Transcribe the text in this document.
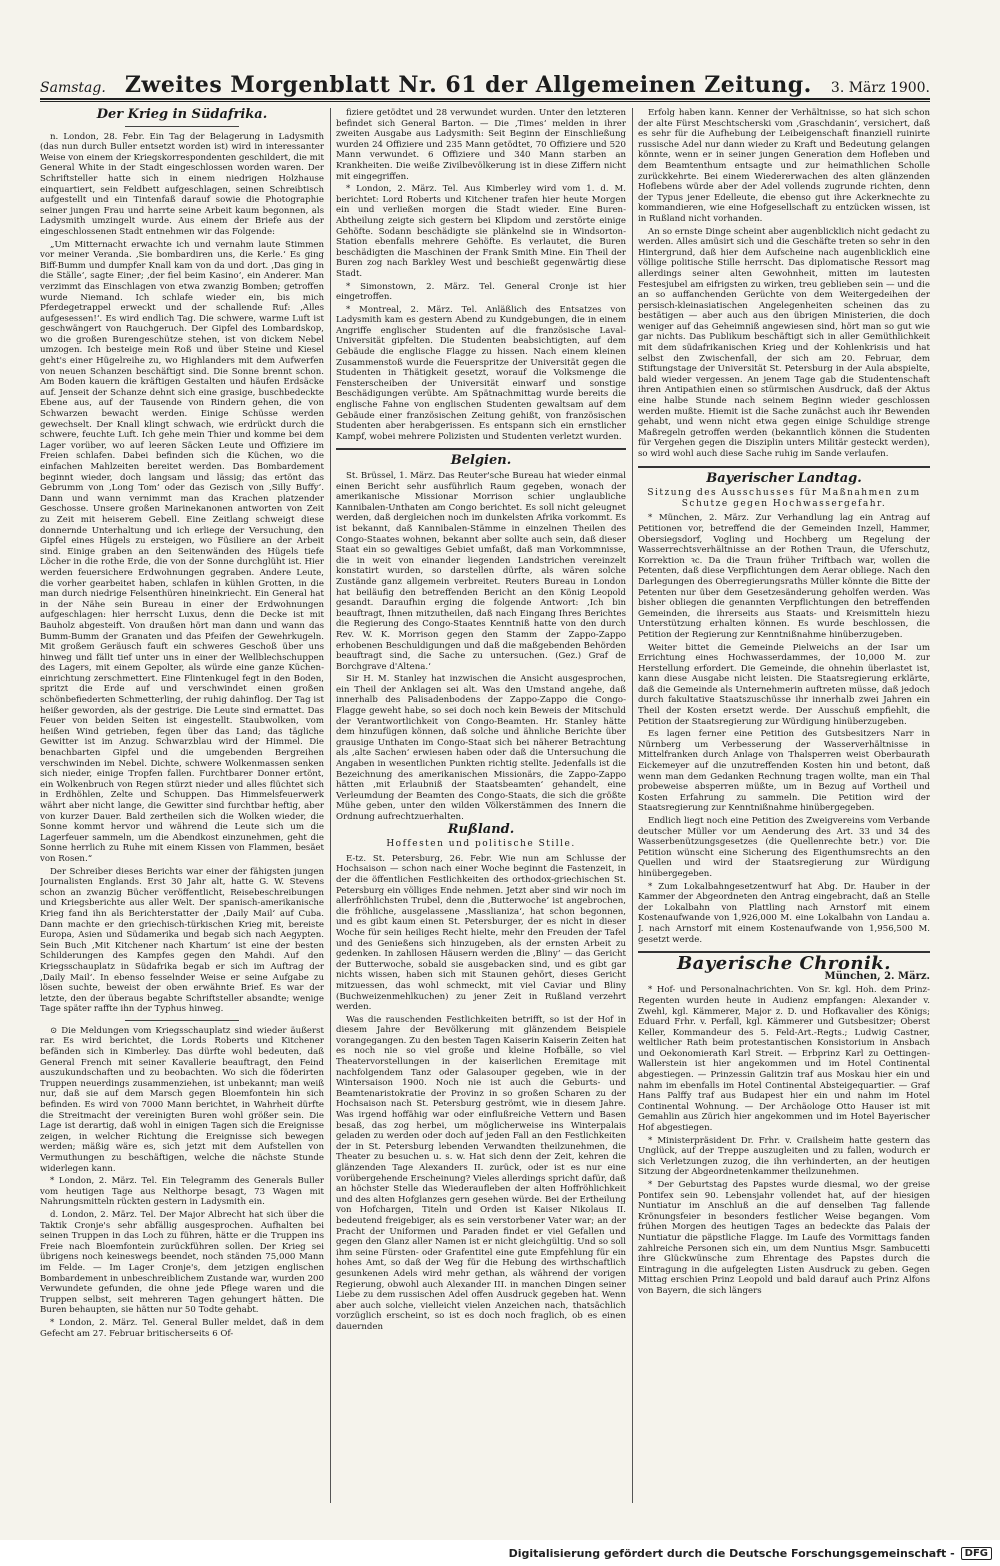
Samstag. Zweites Morgenblatt Nr. 61 der Allgemeinen Zeitung. 3. März 1900.
Der Krieg in Südafrika.

n. London, 28. Febr. Ein Tag der Belagerung in Ladysmith (das nun durch Buller entsetzt worden ist) wird in interessanter Weise von einem der Kriegskorrespondenten geschildert, die mit General White in der Stadt eingeschlossen worden waren. Der Schriftsteller hatte sich in einem niedrigen Holzhause einquartiert, sein Feldbett aufgeschlagen, seinen Schreibtisch aufgestellt und ein Tintenfaß darauf sowie die Photographie seiner jungen Frau und harrte seine Arbeit kaum begonnen, als Ladysmith umzingelt wurde. Aus einem der Briefe aus der eingeschlossenen Stadt entnehmen wir das Folgende:

„Um Mitternacht erwachte ich und vernahm laute Stimmen vor meiner Veranda. ‚Sie bombardiren uns, die Kerle.‘ Es ging Biff-Bumm und dumpfer Knall kam von da und dort. ‚Das ging in die Ställe‘, sagte Einer; ‚der fiel beim Kasino‘, ein Anderer. Man verzimmt das Einschlagen von etwa zwanzig Bomben; getroffen wurde Niemand. Ich schlafe wieder ein, bis mich Pferdegetrappel erweckt und der schallende Ruf: ‚Alles aufgesessen!‘. Es wird endlich Tag. Die schwere, warme Luft ist geschwängert von Rauchgeruch. Der Gipfel des Lombardskop, wo die großen Burengeschütze stehen, ist von dickem Nebel umzogen. Ich besteige mein Roß und über Steine und Kiesel geht's einer Hügelreihe zu, wo Highlanders mit dem Aufwerfen von neuen Schanzen beschäftigt sind. Die Sonne brennt schon. Am Boden kauern die kräftigen Gestalten und häufen Erdsäcke auf. Jenseit der Schanze dehnt sich eine grasige, buschbedeckte Ebene aus, auf der Tausende von Rindern gehen, die von Schwarzen bewacht werden. Einige Schüsse werden gewechselt. Der Knall klingt schwach, wie erdrückt durch die schwere, feuchte Luft. Ich gehe mein Thier und komme bei dem Lager vorüber, wo auf leeren Säcken Leute und Offiziere im Freien schlafen. Dabei befinden sich die Küchen, wo die einfachen Mahlzeiten bereitet werden. Das Bombardement beginnt wieder, doch langsam und lässig; das ertönt das Gebrumm von ‚Long Tom‘ oder das Gezisch von ‚Silly Buffy‘. Dann und wann vernimmt man das Krachen platzender Geschosse. Unsere großen Marinekanonen antworten von Zeit zu Zeit mit heiserem Gebell. Eine Zeitlang schweigt diese donnernde Unterhaltung und ich erliege der Versuchung, den Gipfel eines Hügels zu ersteigen, wo Füsiliere an der Arbeit sind. Einige graben an den Seitenwänden des Hügels tiefe Löcher in die rothe Erde, die von der Sonne durchglüht ist. Hier werden feuersichere Erdwohnungen gegraben. Andere Leute, die vorher gearbeitet haben, schlafen in kühlen Grotten, in die man durch niedrige Felsenthüren hineinkriecht. Ein General hat in der Nähe sein Bureau in einer der Erdwohnungen aufgeschlagen: hier herrscht Luxus, denn die Decke ist mit Bauholz abgesteift. Von draußen hört man dann und wann das Bumm-Bumm der Granaten und das Pfeifen der Gewehrkugeln. Mit großem Geräusch fauft ein schweres Geschoß über uns hinweg und fällt tief unter uns in einer der Wellblechschuppen des Lagers, mit einem Gepolter, als würde eine ganze Küchen-einrichtung zerschmettert. Eine Flintenkugel fegt in den Boden, spritzt die Erde auf und verschwindet einen großen schönbefiederten Schmetterling, der ruhig dahinflog. Der Tag ist heißer geworden, als der gestrige. Die Leute sind ermattet. Das Feuer von beiden Seiten ist eingestellt. Staubwolken, vom heißen Wind getrieben, fegen über das Land; das tägliche Gewitter ist im Anzug. Schwarzblau wird der Himmel. Die benachbarten Gipfel und die umgebenden Bergreihen verschwinden im Nebel. Dichte, schwere Wolkenmassen senken sich nieder, einige Tropfen fallen. Furchtbarer Donner ertönt, ein Wolkenbruch von Regen stürzt nieder und alles flüchtet sich in Erdhöhlen, Zelte und Schuppen. Das Himmelsfeuerwerk währt aber nicht lange, die Gewitter sind furchtbar heftig, aber von kurzer Dauer. Bald zertheilen sich die Wolken wieder, die Sonne kommt hervor und während die Leute sich um die Lagerfeuer sammeln, um die Abendkost einzunehmen, geht die Sonne herrlich zu Ruhe mit einem Kissen von Flammen, besäet von Rosen.“

Der Schreiber dieses Berichts war einer der fähigsten jungen Journalisten Englands. Erst 30 Jahr alt, hatte G. W. Stevens schon an zwanzig Bücher veröffentlicht, Reisebeschreibungen und Kriegsberichte aus aller Welt. Der spanisch-amerikanische Krieg fand ihn als Berichterstatter der ‚Daily Mail‘ auf Cuba. Dann machte er den griechisch-türkischen Krieg mit, bereiste Europa, Asien und Südamerika und begab sich nach Aegypten. Sein Buch ‚Mit Kitchener nach Khartum‘ ist eine der besten Schilderungen des Kampfes gegen den Mahdi. Auf den Kriegsschauplatz in Südafrika begab er sich im Auftrag der ‚Daily Mail‘. In ebenso fesselnder Weise er seine Aufgabe zu lösen suchte, beweist der oben erwähnte Brief. Es war der letzte, den der überaus begabte Schriftsteller absandte; wenige Tage später raffte ihn der Typhus hinweg.

⊙ Die Meldungen vom Kriegsschauplatz sind wieder äußerst rar. Es wird berichtet, die Lords Roberts und Kitchener befänden sich in Kimberley. Das dürfte wohl bedeuten, daß General French mit seiner Kavallerie beauftragt, den Feind auszukundschaften und zu beobachten. Wo sich die föderirten Truppen neuerdings zusammenziehen, ist unbekannt; man weiß nur, daß sie auf dem Marsch gegen Bloemfontein hin sich befinden. Es wird von 7000 Mann berichtet, in Wahrheit dürfte die Streitmacht der vereinigten Buren wohl größer sein. Die Lage ist derartig, daß wohl in einigen Tagen sich die Ereignisse zeigen, in welcher Richtung die Ereignisse sich bewegen werden; mäßig wäre es, sich jetzt mit dem Aufstellen von Vermuthungen zu beschäftigen, welche die nächste Stunde widerlegen kann.

* London, 2. März. Tel. Ein Telegramm des Generals Buller vom heutigen Tage aus Nelthorpe besagt, 73 Wagen mit Nahrungsmitteln rückten gestern in Ladysmith ein.

d. London, 2. März. Tel. Der Major Albrecht hat sich über die Taktik Cronje's sehr abfällig ausgesprochen. Aufhalten bei seinen Truppen in das Loch zu führen, hätte er die Truppen ins Freie nach Bloemfontein zurückführen sollen. Der Krieg sei übrigens noch keineswegs beendet, noch ständen 75,000 Mann im Felde. — Im Lager Cronje's, dem jetzigen englischen Bombardement in unbeschreiblichem Zustande war, wurden 200 Verwundete gefunden, die ohne jede Pflege waren und die Truppen selbst, seit mehreren Tagen gehungert hätten. Die Buren behaupten, sie hätten nur 50 Todte gehabt.

* London, 2. März. Tel. General Buller meldet, daß in dem Gefecht am 27. Februar britischerseits 6 Of-

fiziere getödtet und 28 verwundet wurden. Unter den letzteren befindet sich General Barton. — Die ‚Times‘ melden in ihrer zweiten Ausgabe aus Ladysmith: Seit Beginn der Einschließung wurden 24 Offiziere und 235 Mann getödtet, 70 Offiziere und 520 Mann verwundet. 6 Offiziere und 340 Mann starben an Krankheiten. Die weiße Zivilbevölkerung ist in diese Ziffern nicht mit eingegriffen.

* London, 2. März. Tel. Aus Kimberley wird vom 1. d. M. berichtet: Lord Roberts und Kitchener trafen hier heute Morgen ein und verließen morgen die Stadt wieder. Eine Buren-Abtheilung zeigte sich gestern bei Klipdom und zerstörte einige Gehöfte. Sodann beschädigte sie plänkelnd sie in Windsorton-Station ebenfalls mehrere Gehöfte. Es verlautet, die Buren beschädigten die Maschinen der Frank Smith Mine. Ein Theil der Buren zog nach Barkley West und beschießt gegenwärtig diese Stadt.

* Simonstown, 2. März. Tel. General Cronje ist hier eingetroffen.

* Montreal, 2. März. Tel. Anläßlich des Entsatzes von Ladysmith kam es gestern Abend zu Kundgebungen, die in einem Angriffe englischer Studenten auf die französische Laval-Universität gipfelten. Die Studenten beabsichtigten, auf dem Gebäude die englische Flagge zu hissen. Nach einem kleinen Zusammenstoß wurde die Feuerspritze der Universität gegen die Studenten in Thätigkeit gesetzt, worauf die Volksmenge die Fensterscheiben der Universität einwarf und sonstige Beschädigungen verübte. Am Spätnachmittag wurde bereits die englische Fahne von englischen Studenten gewaltsam auf dem Gebäude einer französischen Zeitung gehißt, von französischen Studenten aber herabgerissen. Es entspann sich ein ernstlicher Kampf, wobei mehrere Polizisten und Studenten verletzt wurden.

Belgien.

St. Brüssel, 1. März. Das Reuter'sche Bureau hat wieder einmal einen Bericht sehr ausführlich Raum gegeben, wonach der amerikanische Missionar Morrison schier unglaubliche Kannibalen-Unthaten am Congo berichtet. Es soll nicht geleugnet werden, daß dergleichen noch im dunkelsten Afrika vorkommt. Es ist bekannt, daß Kannibalen-Stämme in einzelnen Theilen des Congo-Staates wohnen, bekannt aber sollte auch sein, daß dieser Staat ein so gewaltiges Gebiet umfaßt, daß man Vorkommnisse, die in weit von einander liegenden Landstrichen vereinzelt konstatirt wurden, so darstellen dürfte, als wären solche Zustände ganz allgemein verbreitet. Reuters Bureau in London hat beiläufig den betreffenden Bericht an den König Leopold gesandt. Daraufhin erging die folgende Antwort: ‚Ich bin beauftragt, Ihnen mitzutheilen, daß nach Eingang Ihres Berichtes die Regierung des Congo-Staates Kenntniß hatte von den durch Rev. W. K. Morrison gegen den Stamm der Zappo-Zappo erhobenen Beschuldigungen und daß die maßgebenden Behörden beauftragt sind, die Sache zu untersuchen. (Gez.) Graf de Borchgrave d'Altena.‘

Sir H. M. Stanley hat inzwischen die Ansicht ausgesprochen, ein Theil der Anklagen sei alt. Was den Umstand angehe, daß innerhalb des Palisadenbodens der Zappo-Zappo die Congo-Flagge geweht habe, so sei doch noch kein Beweis der Mitschuld der Verantwortlichkeit von Congo-Beamten. Hr. Stanley hätte dem hinzufügen können, daß solche und ähnliche Berichte über grausige Unthaten im Congo-Staat sich bei näherer Betrachtung als ‚alte Sachen‘ erwiesen haben oder daß die Untersuchung die Angaben in wesentlichen Punkten richtig stellte. Jedenfalls ist die Bezeichnung des amerikanischen Missionärs, die Zappo-Zappo hätten ‚mit Erlaubniß der Staatsbeamten‘ gehandelt, eine Verleumdung der Beamten des Congo-Staats, die sich die größte Mühe geben, unter den wilden Völkerstämmen des Innern die Ordnung aufrechtzuerhalten.

Rußland.
Hoffesten und politische Stille.

E-tz. St. Petersburg, 26. Febr. Wie nun am Schlusse der Hochsaison — schon nach einer Woche beginnt die Fastenzeit, in der die öffentlichen Festlichkeiten des orthodox-griechischen St. Petersburg ein völliges Ende nehmen. Jetzt aber sind wir noch im allerfröhlichsten Trubel, denn die ‚Butterwoche‘ ist angebrochen, die fröhliche, ausgelassene ‚Masslianiza‘, hat schon begonnen, und es gibt kaum einen St. Petersburger, der es nicht in dieser Woche für sein heiliges Recht hielte, mehr den Freuden der Tafel und des Genießens sich hinzugeben, als der ernsten Arbeit zu gedenken. In zahllosen Häusern werden die ‚Bliny‘ — das Gericht der Butterwoche, sobald sie ausgebacken sind, und es gibt gar nichts wissen, haben sich mit Staunen gehört, dieses Gericht mitzuessen, das wohl schmeckt, mit viel Caviar und Bliny (Buchweizenmehlkuchen) zu jener Zeit in Rußland verzehrt werden.

Was die rauschenden Festlichkeiten betrifft, so ist der Hof in diesem Jahre der Bevölkerung mit glänzendem Beispiele vorangegangen. Zu den besten Tagen Kaiserin Kaiserin Zeiten hat es noch nie so viel große und kleine Hofbälle, so viel Theatervorstellungen in der kaiserlichen Eremitage mit nachfolgendem Tanz oder Galasouper gegeben, wie in der Wintersaison 1900. Noch nie ist auch die Geburts- und Beamtenaristokratie der Provinz in so großen Scharen zu der Hochsaison nach St. Petersburg geströmt, wie in diesem Jahre. Was irgend hoffähig war oder einflußreiche Vettern und Basen besaß, das zog herbei, um möglicherweise ins Winterpalais geladen zu werden oder doch auf jeden Fall an den Festlichkeiten der in St. Petersburg lebenden Verwandten theilzunehmen, die Theater zu besuchen u. s. w. Hat sich denn der Zeit, kehren die glänzenden Tage Alexanders II. zurück, oder ist es nur eine vorübergehende Erscheinung? Vieles allerdings spricht dafür, daß an höchster Stelle das Wiederaufleben der alten Hoffröhlichkeit und des alten Hofglanzes gern gesehen würde. Bei der Ertheilung von Hofchargen, Titeln und Orden ist Kaiser Nikolaus II. bedeutend freigebiger, als es sein verstorbener Vater war; an der Pracht der Uniformen und Paraden findet er viel Gefallen und gegen den Glanz aller Namen ist er nicht gleichgültig. Und so soll ihm seine Fürsten- oder Grafentitel eine gute Empfehlung für ein hohes Amt, so daß der Weg für die Hebung des wirthschaftlich gesunkenen Adels wird mehr gethan, als während der vorigen Regierung, obwohl auch Alexander III. in manchen Dingen seiner Liebe zu dem russischen Adel offen Ausdruck gegeben hat. Wenn aber auch solche, vielleicht vielen Anzeichen nach, thatsächlich vorzüglich erscheint, so ist es doch noch fraglich, ob es einen dauernden

Erfolg haben kann. Kenner der Verhältnisse, so hat sich schon der alte Fürst Meschtscherski vom ‚Graschdanin‘, versichert, daß es sehr für die Aufhebung der Leibeigenschaft finanziell ruinirte russische Adel nur dann wieder zu Kraft und Bedeutung gelangen könnte, wenn er in seiner jungen Generation dem Hofleben und dem Beamtenthum entsagte und zur heimathlichen Scholle zurückkehrte. Bei einem Wiedererwachen des alten glänzenden Hoflebens würde aber der Adel vollends zugrunde richten, denn der Typus jener Edelleute, die ebenso gut ihre Ackerknechte zu kommandieren, wie eine Hofgesellschaft zu entzücken wissen, ist in Rußland nicht vorhanden.

An so ernste Dinge scheint aber augenblicklich nicht gedacht zu werden. Alles amüsirt sich und die Geschäfte treten so sehr in den Hintergrund, daß hier dem Aufscheine nach augenblicklich eine völlige politische Stille herrscht. Das diplomatische Ressort mag allerdings seiner alten Gewohnheit, mitten im lautesten Festesjubel am eifrigsten zu wirken, treu geblieben sein — und die an so auffanchenden Gerüchte von dem Weitergedeihen der persisch-kleinasiatischen Angelegenheiten scheinen das zu bestätigen — aber auch aus den übrigen Ministerien, die doch weniger auf das Geheimniß angewiesen sind, hört man so gut wie gar nichts. Das Publikum beschäftigt sich in aller Gemüthlichkeit mit dem südafrikanischen Krieg und der Kohlenkrisis und hat selbst den Zwischenfall, der sich am 20. Februar, dem Stiftungstage der Universität St. Petersburg in der Aula abspielte, bald wieder vergessen. An jenem Tage gab die Studentenschaft ihren Antipathien einen so stürmischen Ausdruck, daß der Aktus eine halbe Stunde nach seinem Beginn wieder geschlossen werden mußte. Hiemit ist die Sache zunächst auch ihr Bewenden gehabt, und wenn nicht etwa gegen einige Schuldige strenge Maßregeln getroffen werden (bekanntlich können die Studenten für Vergehen gegen die Disziplin unters Militär gesteckt werden), so wird wohl auch diese Sache ruhig im Sande verlaufen.

Bayerischer Landtag.
Sitzung des Ausschusses für Maßnahmen zum Schutze gegen Hochwassergefahr.

* München, 2. März. Zur Verhandlung lag ein Antrag auf Petitionen vor, betreffend die der Gemeinden Inzell, Hammer, Obersiegsdorf, Vogling und Hochberg um Regelung der Wasserrechtsverhältnisse an der Rothen Traun, die Uferschutz, Korrektion ꝛc. Da die Traun früher Triftbach war, wollen die Petenten, daß diese Verpflichtungen dem Aerar obliege. Nach den Darlegungen des Oberregierungsraths Müller könnte die Bitte der Petenten nur über dem Gesetzesänderung geholfen werden. Was bisher obliegen die genannten Verpflichtungen den betreffenden Gemeinden, die ihrerseits aus Staats- und Kreismitteln hiezu Unterstützung erhalten können. Es wurde beschlossen, die Petition der Regierung zur Kenntnißnahme hinüberzugeben.

Weiter bittet die Gemeinde Pielweichs an der Isar um Errichtung eines Hochwasserdammes, der 10,000 M. zur Herstellung erfordert. Die Gemeinde, die ohnehin überlastet ist, kann diese Ausgabe nicht leisten. Die Staatsregierung erklärte, daß die Gemeinde als Unternehmerin auftreten müsse, daß jedoch durch fakultative Staatszuschüsse ihr innerhalb zwei Jahren ein Theil der Kosten ersetzt werde. Der Ausschuß empfiehlt, die Petition der Staatsregierung zur Würdigung hinüberzugeben.

Es lagen ferner eine Petition des Gutsbesitzers Narr in Nürnberg um Verbesserung der Wasserverhältnisse in Mittelfranken durch Anlage von Thalsperren weist Oberbaurath Eickemeyer auf die unzutreffenden Kosten hin und betont, daß wenn man dem Gedanken Rechnung tragen wollte, man ein Thal probeweise absperren müßte, um in Bezug auf Vortheil und Kosten Erfahrung zu sammeln. Die Petition wird der Staatsregierung zur Kenntnißnahme hinübergegeben.

Endlich liegt noch eine Petition des Zweigvereins vom Verbande deutscher Müller vor um Aenderung des Art. 33 und 34 des Wasserbenützungsgesetzes (die Quellenrechte betr.) vor. Die Petition wünscht eine Sicherung des Eigenthumsrechts an den Quellen und wird der Staatsregierung zur Würdigung hinübergegeben.

* Zum Lokalbahngesetzentwurf hat Abg. Dr. Hauber in der Kammer der Abgeordneten den Antrag eingebracht, daß an Stelle der Lokalbahn von Plattling nach Arnstorf mit einem Kostenaufwande von 1,926,000 M. eine Lokalbahn von Landau a. J. nach Arnstorf mit einem Kostenaufwande von 1,956,500 M. gesetzt werde.

Bayerische Chronik.
München, 2. März.

* Hof- und Personalnachrichten. Von Sr. kgl. Hoh. dem Prinz-Regenten wurden heute in Audienz empfangen: Alexander v. Zwehl, kgl. Kämmerer, Major z. D. und Hofkavalier des Königs; Eduard Frhr. v. Perfall, kgl. Kämmerer und Gutsbesitzer; Oberst Keller, Kommandeur des 5. Feld-Art.-Regts.; Ludwig Castner, weltlicher Rath beim protestantischen Konsistorium in Ansbach und Oekonomierath Karl Streit. — Erbprinz Karl zu Oettingen-Wallerstein ist hier angekommen und im Hotel Continental abgestiegen. — Prinzessin Galitzin traf aus Moskau hier ein und nahm im ebenfalls im Hotel Continental Absteigequartier. — Graf Hans Palffy traf aus Budapest hier ein und nahm im Hotel Continental Wohnung. — Der Archäologe Otto Hauser ist mit Gemahlin aus Zürich hier angekommen und im Hotel Bayerischer Hof abgestiegen.

* Ministerpräsident Dr. Frhr. v. Crailsheim hatte gestern das Unglück, auf der Treppe auszugleiten und zu fallen, wodurch er sich Verletzungen zuzog, die ihn verhinderten, an der heutigen Sitzung der Abgeordnetenkammer theilzunehmen.

* Der Geburtstag des Papstes wurde diesmal, wo der greise Pontifex sein 90. Lebensjahr vollendet hat, auf der hiesigen Nuntiatur im Anschluß an die auf denselben Tag fallende Krönungsfeier in besonders festlicher Weise begangen. Vom frühen Morgen des heutigen Tages an bedeckte das Palais der Nuntiatur die päpstliche Flagge. Im Laufe des Vormittags fanden zahlreiche Personen sich ein, um dem Nuntius Msgr. Sambucetti ihre Glückwünsche zum Ehrentage des Papstes durch die Eintragung in die aufgelegten Listen Ausdruck zu geben. Gegen Mittag erschien Prinz Leopold und bald darauf auch Prinz Alfons von Bayern, die sich längers

Digitalisierung gefördert durch die Deutsche Forschungsgemeinschaft -	DFG
